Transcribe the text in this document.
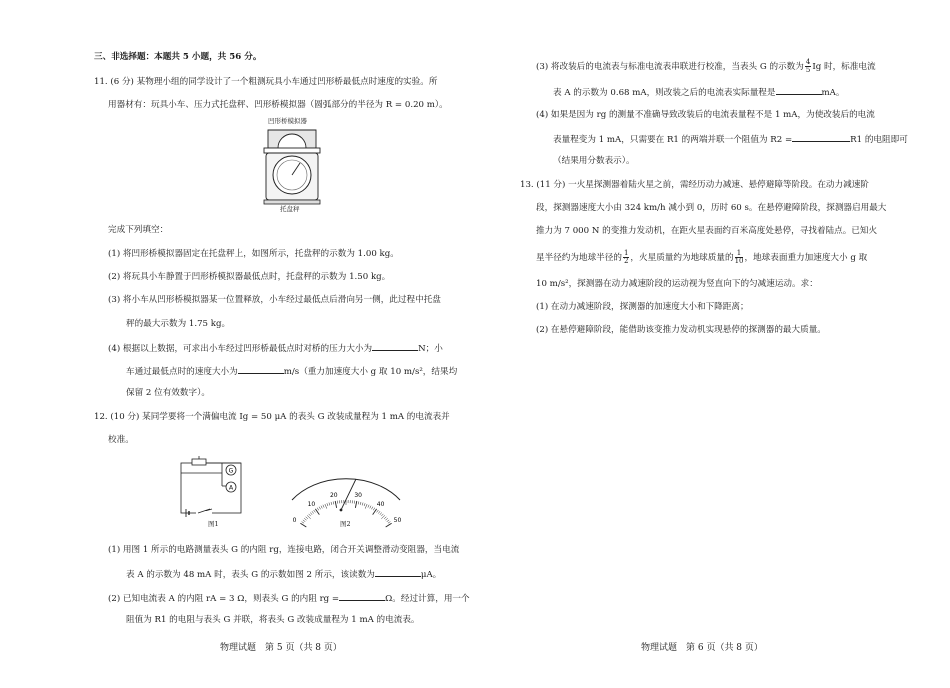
三、非选择题：本题共 5 小题，共 56 分。
11. (6 分) 某物理小组的同学设计了一个粗测玩具小车通过凹形桥最低点时速度的实验。所
用器材有：玩具小车、压力式托盘秤、凹形桥模拟器（圆弧部分的半径为 R = 0.20 m）。
凹形桥模拟器
托盘秤
完成下列填空：
(1) 将凹形桥模拟器固定在托盘秤上，如图所示，托盘秤的示数为 1.00 kg。
(2) 将玩具小车静置于凹形桥模拟器最低点时，托盘秤的示数为 1.50 kg。
(3) 将小车从凹形桥模拟器某一位置释放，小车经过最低点后滑向另一侧，此过程中托盘
秤的最大示数为 1.75 kg。
(4) 根据以上数据，可求出小车经过凹形桥最低点时对桥的压力大小为	N；小
车通过最低点时的速度大小为	m/s（重力加速度大小 g 取 10 m/s²，结果均
保留 2 位有效数字）。
12. (10 分) 某同学要将一个满偏电流 Ig = 50 μA 的表头 G 改装成量程为 1 mA 的电流表并
校准。
G
A
图1	0
10
20	30
40
50
图2
(1) 用图 1 所示的电路测量表头 G 的内阻 rg，连接电路，闭合开关调整滑动变阻器，当电流
表 A 的示数为 48 mA 时，表头 G 的示数如图 2 所示，该读数为	μA。
(2) 已知电流表 A 的内阻 rA = 3 Ω，则表头 G 的内阻 rg =	Ω。经过计算，用一个
阻值为 R1 的电阻与表头 G 并联，将表头 G 改装成量程为 1 mA 的电流表。
物理试题　第 5 页（共 8 页）
(3) 将改装后的电流表与标准电流表串联进行校准，当表头 G 的示数为 $\frac{4}{5}$ Ig 时，标准电流
表 A 的示数为 0.68 mA，则改装之后的电流表实际量程是	mA。
(4) 如果是因为 rg 的测量不准确导致改装后的电流表量程不是 1 mA，为使改装后的电流
表量程变为 1 mA，只需要在 R1 的两端并联一个阻值为 R2 =	R1 的电阻即可
（结果用分数表示）。
13. (11 分) 一火星探测器着陆火星之前，需经历动力减速、悬停避障等阶段。在动力减速阶
段，探测器速度大小由 324 km/h 减小到 0，历时 60 s。在悬停避障阶段，探测器启用最大
推力为 7 000 N 的变推力发动机，在距火星表面约百米高度处悬停，寻找着陆点。已知火
星半径约为地球半径的 $\frac{1}{2}$ ，火星质量约为地球质量的 $\frac{1}{10}$ ，地球表面重力加速度大小 g 取
10 m/s²，探测器在动力减速阶段的运动视为竖直向下的匀减速运动。求：
(1) 在动力减速阶段，探测器的加速度大小和下降距离；
(2) 在悬停避障阶段，能借助该变推力发动机实现悬停的探测器的最大质量。
物理试题　第 6 页（共 8 页）
